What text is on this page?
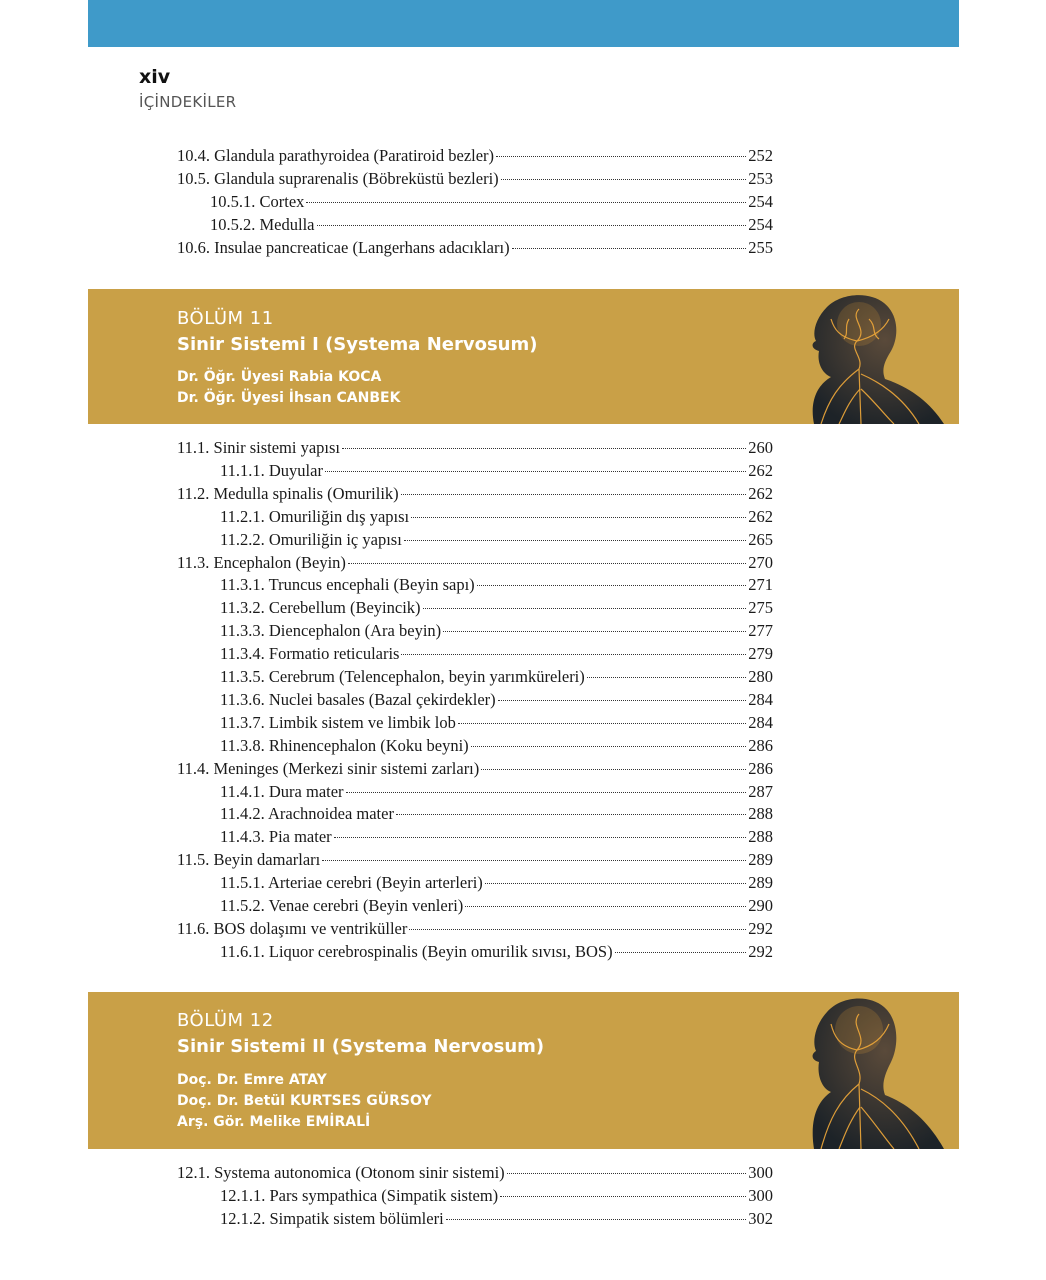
xiv
İÇİNDEKİLER
10.4. Glandula parathyroidea (Paratiroid bezler)	252
10.5. Glandula suprarenalis (Böbreküstü bezleri)	253
10.5.1. Cortex	254
10.5.2. Medulla	254
10.6. Insulae pancreaticae (Langerhans adacıkları)	255
BÖLÜM 11
Sinir Sistemi I (Systema Nervosum)
Dr. Öğr. Üyesi Rabia KOCA
Dr. Öğr. Üyesi İhsan CANBEK
11.1. Sinir sistemi yapısı	260
11.1.1. Duyular	262
11.2. Medulla spinalis (Omurilik)	262
11.2.1. Omuriliğin dış yapısı	262
11.2.2. Omuriliğin iç yapısı	265
11.3. Encephalon (Beyin)	270
11.3.1. Truncus encephali (Beyin sapı)	271
11.3.2. Cerebellum (Beyincik)	275
11.3.3. Diencephalon (Ara beyin)	277
11.3.4. Formatio reticularis	279
11.3.5. Cerebrum (Telencephalon, beyin yarımküreleri)	280
11.3.6. Nuclei basales (Bazal çekirdekler)	284
11.3.7. Limbik sistem ve limbik lob	284
11.3.8. Rhinencephalon (Koku beyni)	286
11.4. Meninges (Merkezi sinir sistemi zarları)	286
11.4.1. Dura mater	287
11.4.2. Arachnoidea mater	288
11.4.3. Pia mater	288
11.5. Beyin damarları	289
11.5.1. Arteriae cerebri (Beyin arterleri)	289
11.5.2. Venae cerebri (Beyin venleri)	290
11.6. BOS dolaşımı ve ventriküller	292
11.6.1. Liquor cerebrospinalis (Beyin omurilik sıvısı, BOS)	292
BÖLÜM 12
Sinir Sistemi II (Systema Nervosum)
Doç. Dr. Emre ATAY
Doç. Dr. Betül KURTSES GÜRSOY
Arş. Gör. Melike EMİRALİ
12.1. Systema autonomica (Otonom sinir sistemi)	300
12.1.1. Pars sympathica (Simpatik sistem)	300
12.1.2. Simpatik sistem bölümleri	302
